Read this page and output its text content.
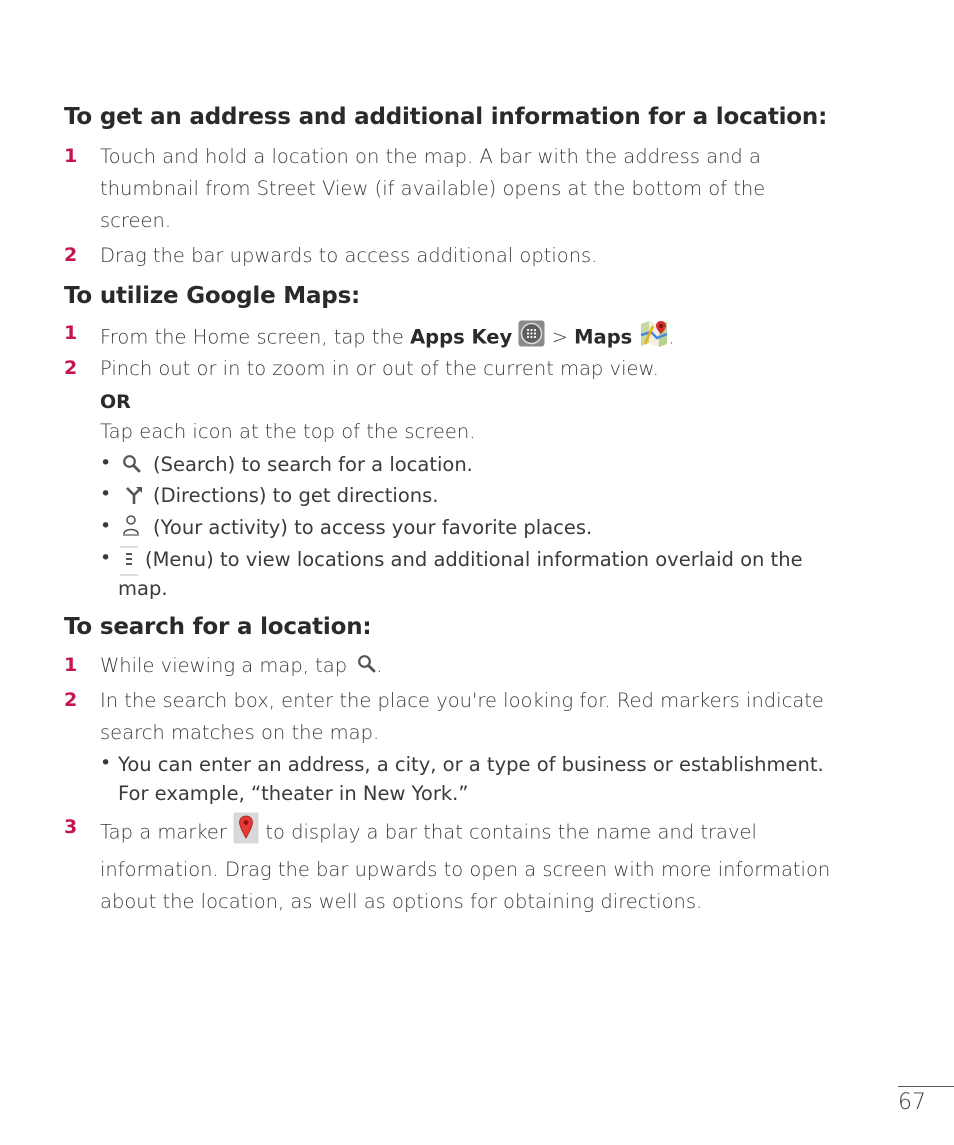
To get an address and additional information for a location:
1 Touch and hold a location on the map. A bar with the address and a
thumbnail from Street View (if available) opens at the bottom of the
screen.
2 Drag the bar upwards to access additional options.
To utilize Google Maps:
1 From the Home screen, tap the Apps Key  > Maps .
2 Pinch out or in to zoom in or out of the current map view.
OR
Tap each icon at the top of the screen.
• (Search) to search for a location.
• (Directions) to get directions.
• (Your activity) to access your favorite places.
• (Menu) to view locations and additional information overlaid on the
map.
To search for a location:
1 While viewing a map, tap .
2 In the search box, enter the place you're looking for. Red markers indicate
search matches on the map.
• You can enter an address, a city, or a type of business or establishment.
For example, “theater in New York.”
3 Tap a marker to display a bar that contains the name and travel
information. Drag the bar upwards to open a screen with more information
about the location, as well as options for obtaining directions.
67
